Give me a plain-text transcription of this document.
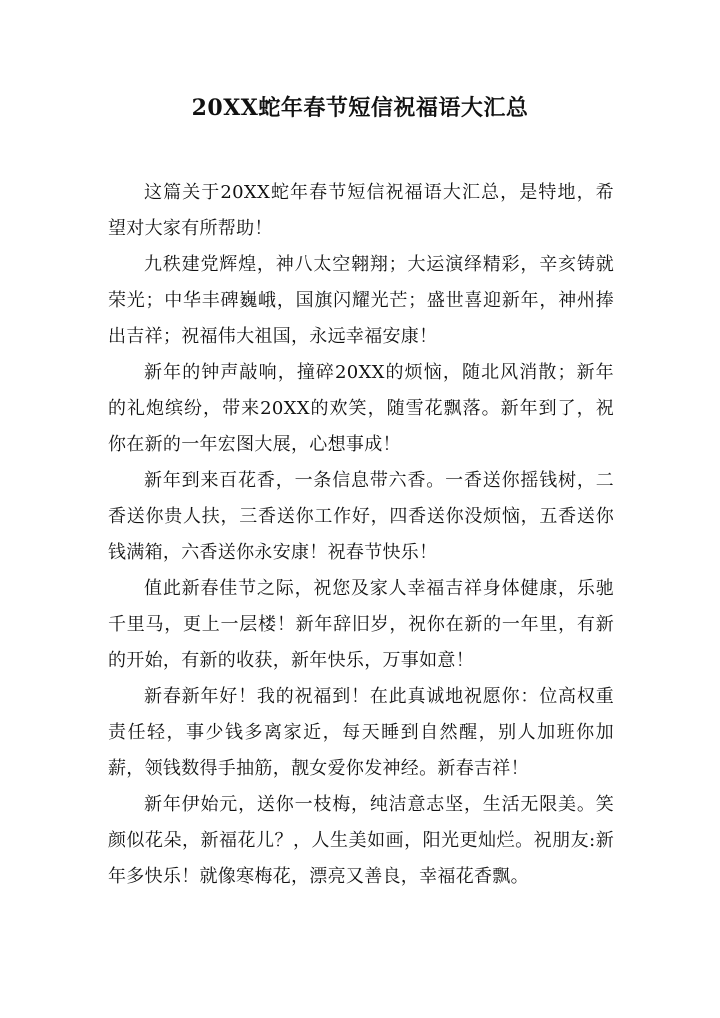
20XX蛇年春节短信祝福语大汇总

这篇关于20XX蛇年春节短信祝福语大汇总，是特地，希望对大家有所帮助！

九秩建党辉煌，神八太空翱翔；大运演绎精彩，辛亥铸就荣光；中华丰碑巍峨，国旗闪耀光芒；盛世喜迎新年，神州捧出吉祥；祝福伟大祖国，永远幸福安康！

新年的钟声敲响，撞碎20XX的烦恼，随北风消散；新年的礼炮缤纷，带来20XX的欢笑，随雪花飘落。新年到了，祝你在新的一年宏图大展，心想事成！

新年到来百花香，一条信息带六香。一香送你摇钱树，二香送你贵人扶，三香送你工作好，四香送你没烦恼，五香送你钱满箱，六香送你永安康！祝春节快乐！

值此新春佳节之际，祝您及家人幸福吉祥身体健康，乐驰千里马，更上一层楼！新年辞旧岁，祝你在新的一年里，有新的开始，有新的收获，新年快乐，万事如意！

新春新年好！我的祝福到！在此真诚地祝愿你：位高权重责任轻，事少钱多离家近，每天睡到自然醒，别人加班你加薪，领钱数得手抽筋，靓女爱你发神经。新春吉祥！

新年伊始元，送你一枝梅，纯洁意志坚，生活无限美。笑颜似花朵，新福花儿？，人生美如画，阳光更灿烂。祝朋友:新年多快乐！就像寒梅花，漂亮又善良，幸福花香飘。
